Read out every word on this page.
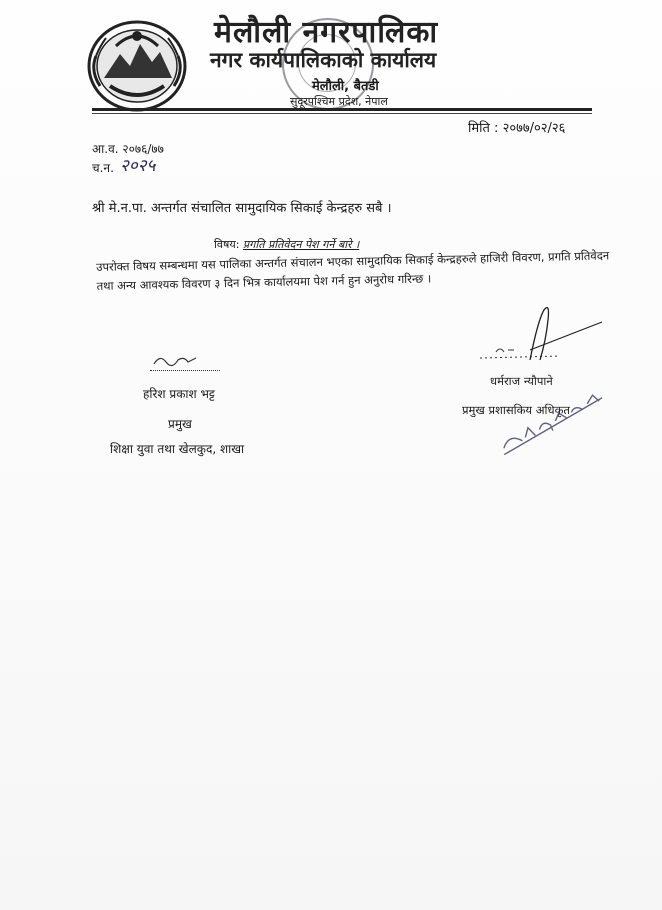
मेलौली नगरपालिका
नगर कार्यपालिकाको कार्यालय
मेलौली, बैतडी
सुदूरपश्चिम प्रदेश, नेपाल
मिति : २०७७/०२/२६
आ.व. २०७६/७७
च.न. २०२५
श्री मे.न.पा. अन्तर्गत संचालित सामुदायिक सिकाई केन्द्रहरु सबै ।
विषय: प्रगति प्रतिवेदन पेश गर्ने बारे ।
उपरोक्त विषय सम्बन्धमा यस पालिका अन्तर्गत संचालन भएका सामुदायिक सिकाई केन्द्रहरुले हाजिरी विवरण, प्रगति प्रतिवेदन तथा अन्य आवश्यक विवरण ३ दिन भित्र कार्यालयमा पेश गर्न हुन अनुरोध गरिन्छ ।
हरिश प्रकाश भट्ट
प्रमुख
शिक्षा युवा तथा खेलकुद, शाखा
धर्मराज न्यौपाने
प्रमुख प्रशासकिय अधिकृत
